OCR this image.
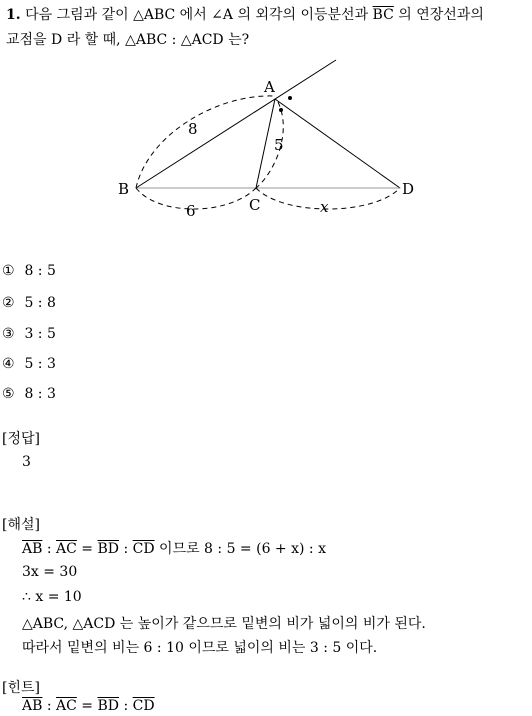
1. 다음 그림과 같이 △ABC 에서 ∠A 의 외각의 이등분선과 $\overline{BC}$ 의 연장선과의
교점을 D 라 할 때, △ABC : △ACD 는?
A
B
C
D
8
5
6	x
① 8 : 5
② 5 : 8
③ 3 : 5
④ 5 : 3
⑤ 8 : 3
[정답]
3
[해설]
$\overline{AB}$ : $\overline{AC} = \overline{BD}$ : $\overline{CD}$ 이므로 8 : 5 = (6 + x) : x
3x = 30
∴ x = 10
△ABC, △ACD 는 높이가 같으므로 밑변의 비가 넓이의 비가 된다.
따라서 밑변의 비는 6 : 10 이므로 넓이의 비는 3 : 5 이다.
[힌트]
$\overline{AB}$ : $\overline{AC} = \overline{BD}$ : $\overline{CD}$
